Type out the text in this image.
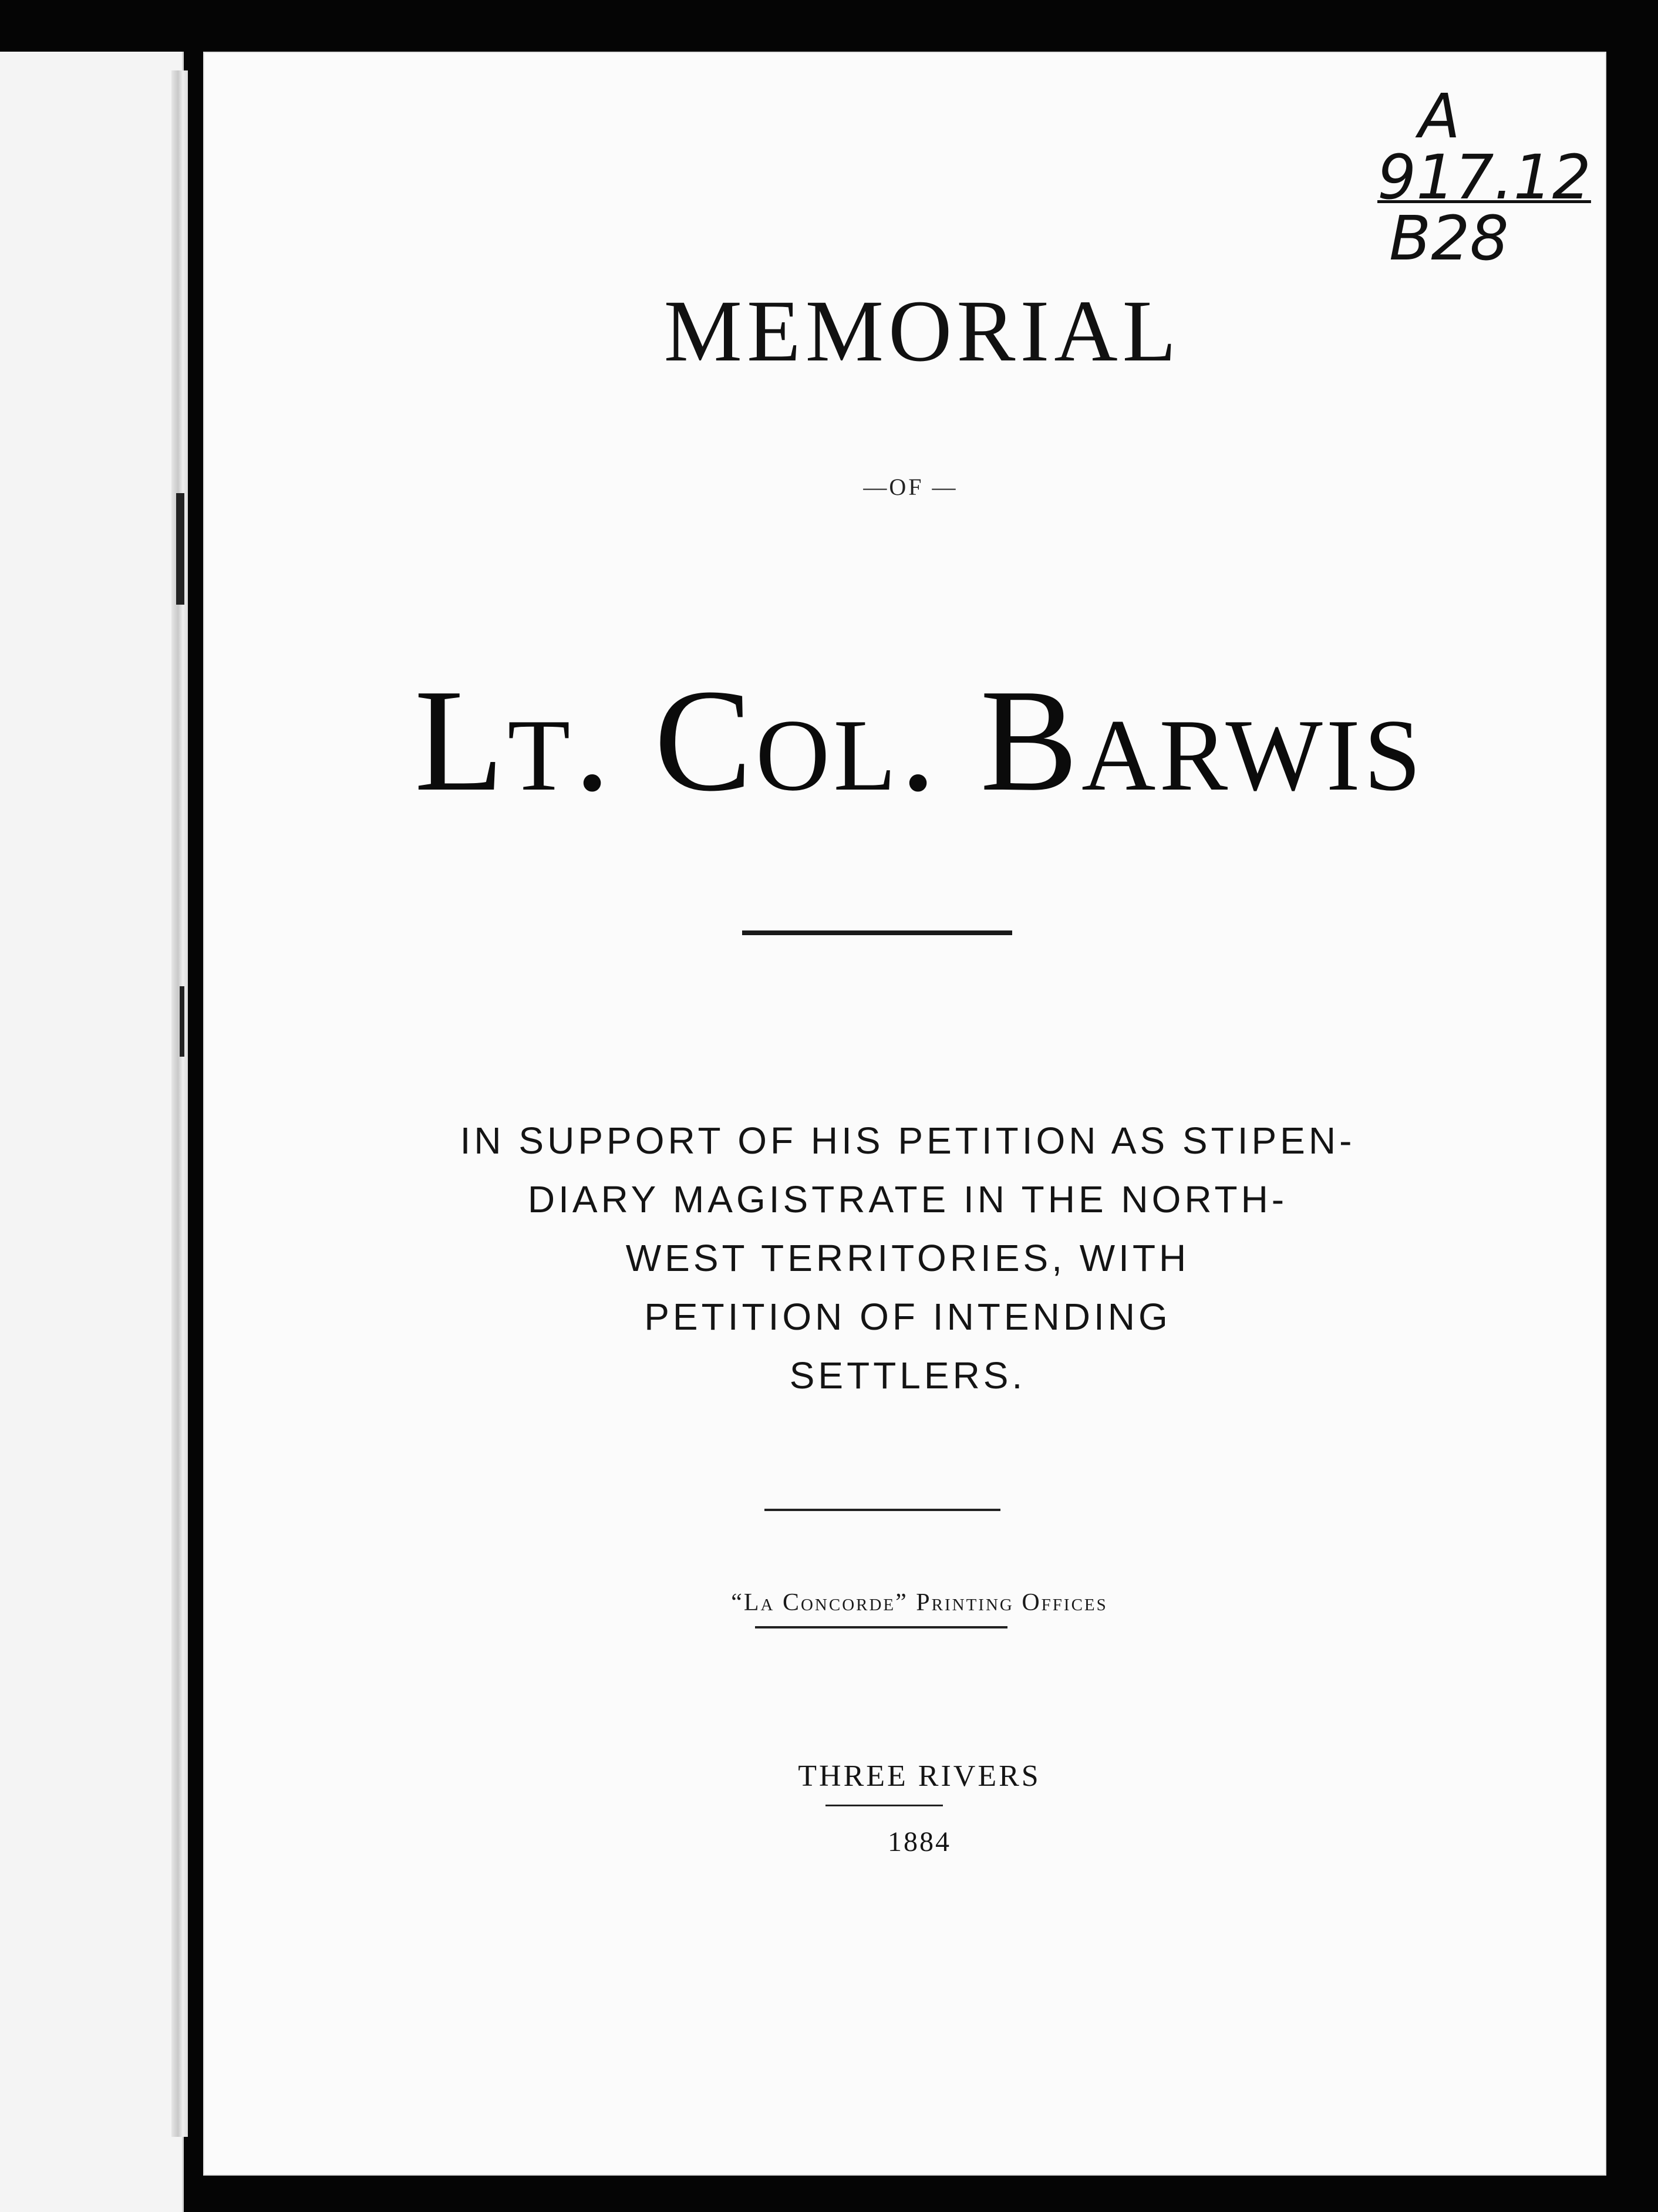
A
917.12
B28
MEMORIAL
—OF —
Lt. Col. Barwis
IN SUPPORT OF HIS PETITION AS STIPEN-
DIARY MAGISTRATE IN THE NORTH-
WEST TERRITORIES, WITH
PETITION OF INTENDING
SETTLERS.
“La Concorde” Printing Offices
THREE RIVERS
1884
